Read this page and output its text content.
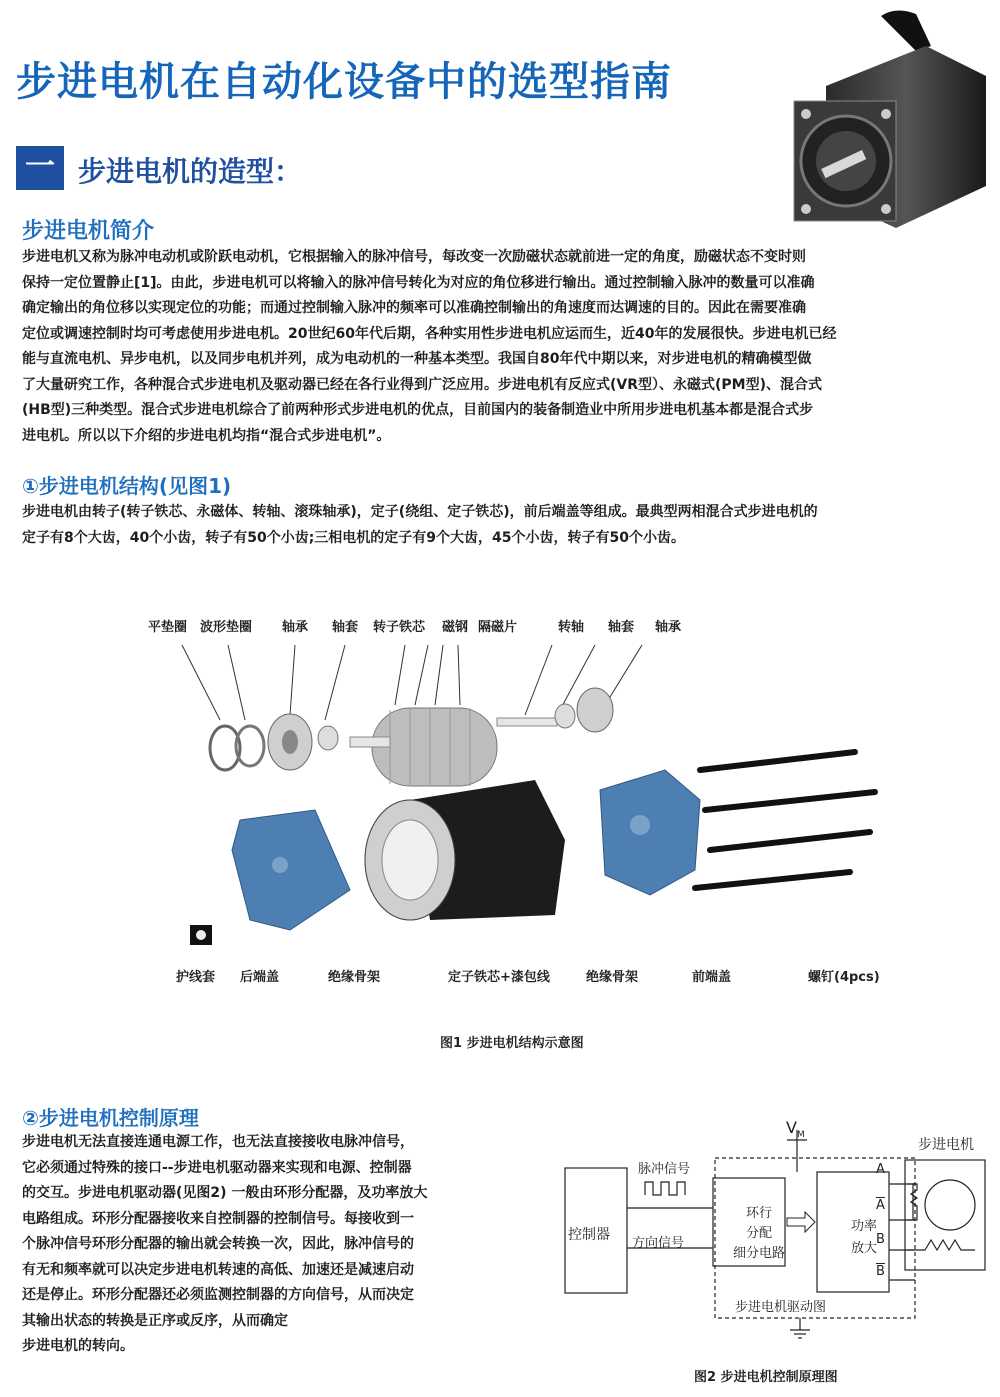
步进电机在自动化设备中的选型指南
一 步进电机的造型：
步进电机简介
步进电机又称为脉冲电动机或阶跃电动机，它根据输入的脉冲信号，每改变一次励磁状态就前进一定的角度，励磁状态不变时则
保持一定位置静止[1]。由此，步进电机可以将输入的脉冲信号转化为对应的角位移进行输出。通过控制输入脉冲的数量可以准确
确定输出的角位移以实现定位的功能；而通过控制输入脉冲的频率可以准确控制输出的角速度而达调速的目的。因此在需要准确
定位或调速控制时均可考虑使用步进电机。20世纪60年代后期，各种实用性步进电机应运而生，近40年的发展很快。步进电机已经
能与直流电机、异步电机，以及同步电机并列，成为电动机的一种基本类型。我国自80年代中期以来，对步进电机的精确模型做
了大量研究工作，各种混合式步进电机及驱动器已经在各行业得到广泛应用。步进电机有反应式(VR型）、永磁式(PM型)、混合式
(HB型)三种类型。混合式步进电机综合了前两种形式步进电机的优点，目前国内的装备制造业中所用步进电机基本都是混合式步
进电机。所以以下介绍的步进电机均指“混合式步进电机”。
①步进电机结构(见图1)
步进电机由转子(转子铁芯、永磁体、转轴、滚珠轴承)，定子(绕组、定子铁芯)，前后端盖等组成。最典型两相混合式步进电机的
定子有8个大齿，40个小齿，转子有50个小齿;三相电机的定子有9个大齿，45个小齿，转子有50个小齿。
平垫圈 波形垫圈 轴承 轴套 转子铁芯 磁钢 隔磁片	转轴 轴套 轴承
护线套 后端盖	绝缘骨架	定子铁芯+漆包线	绝缘骨架	前端盖	螺钉(4pcs)
图1 步进电机结构示意图
②步进电机控制原理
步进电机无法直接连通电源工作，也无法直接接收电脉冲信号，
它必须通过特殊的接口--步进电机驱动器来实现和电源、控制器
的交互。步进电机驱动器(见图2) 一般由环形分配器，及功率放大
电路组成。环形分配器接收来自控制器的控制信号。每接收到一
个脉冲信号环形分配器的输出就会转换一次，因此，脉冲信号的
有无和频率就可以决定步进电机转速的高低、加速还是减速启动
还是停止。环形分配器还必须监测控制器的方向信号，从而决定
其输出状态的转换是正序或反序，从而确定
步进电机的转向。
$V_M$
步进电机
脉冲信号
方向信号
控制器
环行
分配
细分电路
功率
放大
A
$\overline{A}$
B
$\overline{B}$
步进电机驱动图
图2 步进电机控制原理图
